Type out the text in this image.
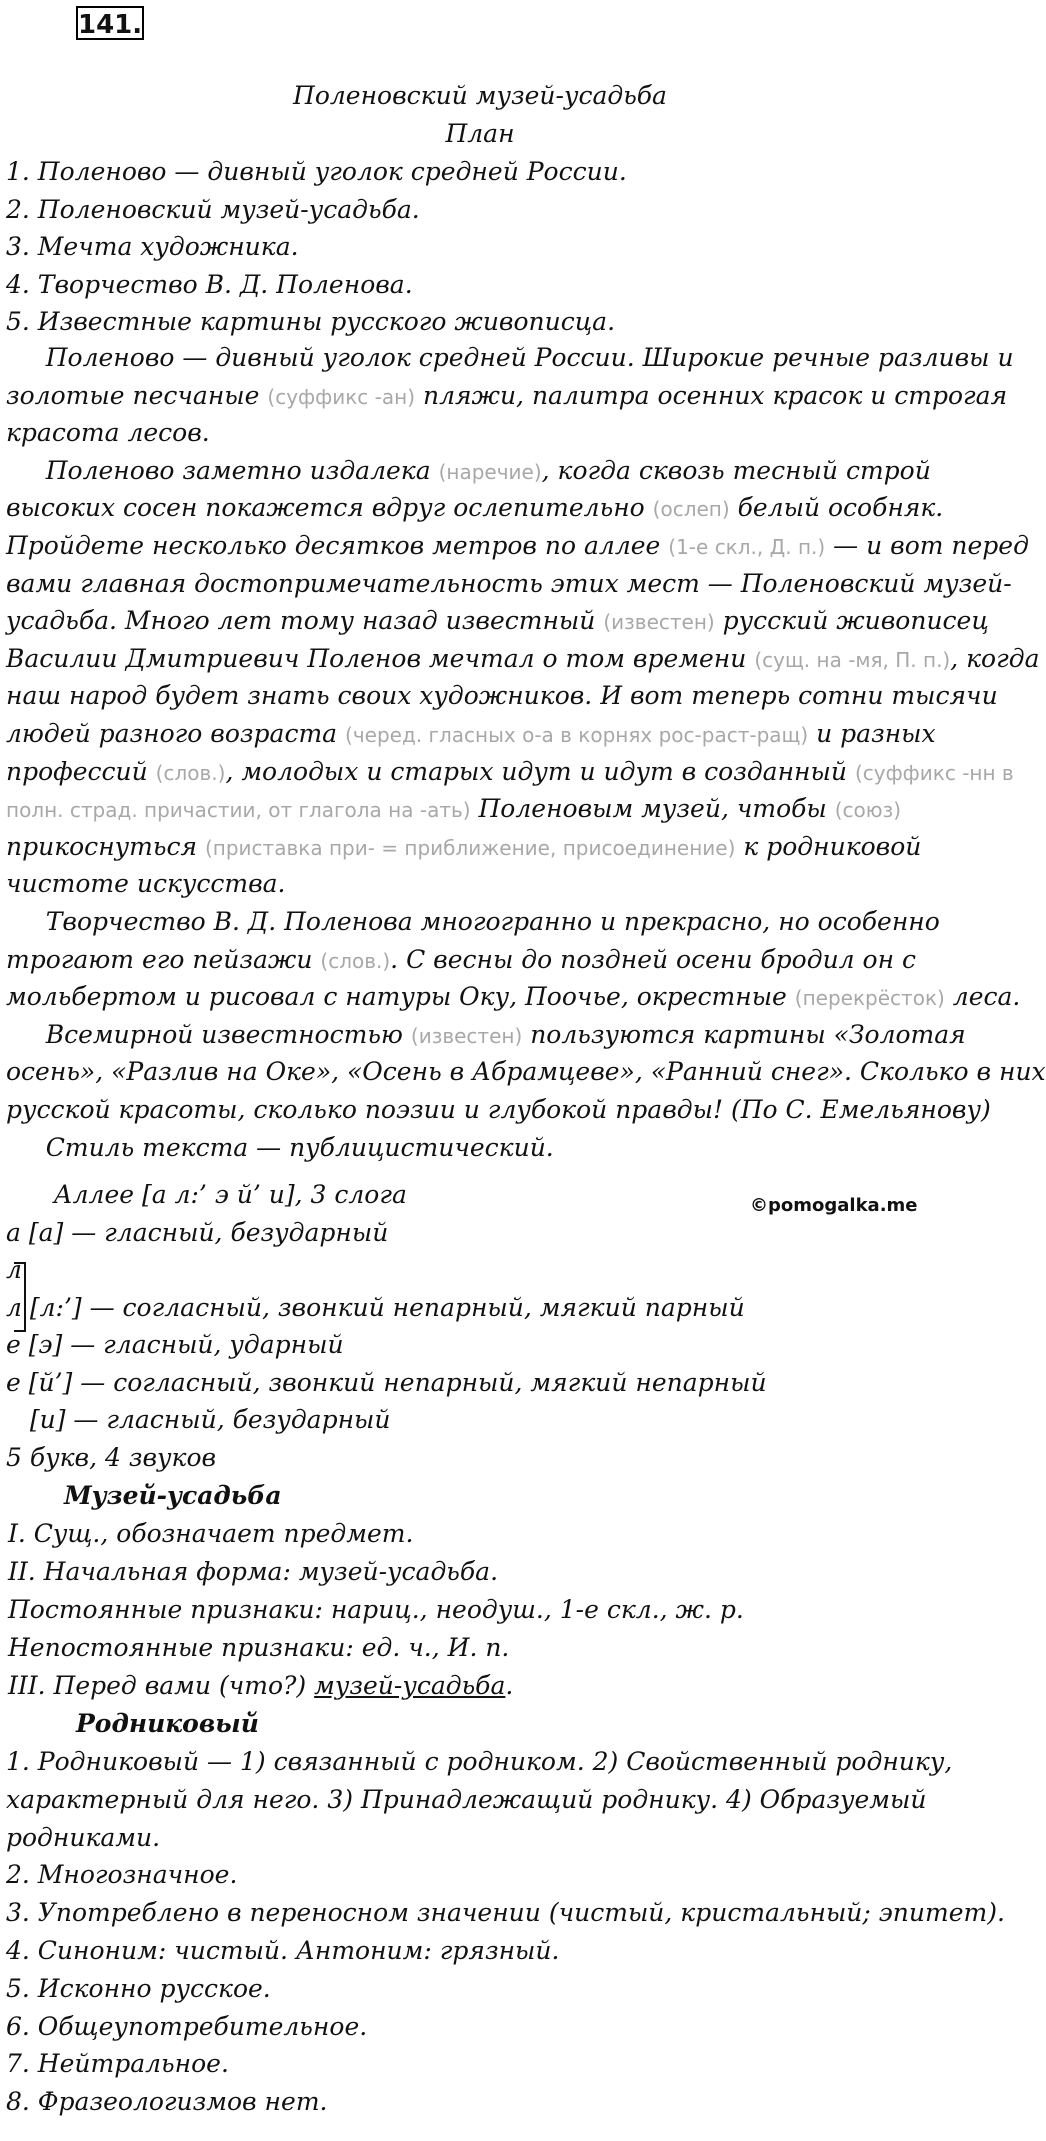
141.
Поленовский музей-усадьба
План
1. Поленово — дивный уголок средней России.
2. Поленовский музей-усадьба.
3. Мечта художника.
4. Творчество В. Д. Поленова.
5. Известные картины русского живописца.
Поленово — дивный уголок средней России. Широкие речные разливы и
золотые песчаные (суффикс -ан) пляжи, палитра осенних красок и строгая
красота лесов.
Поленово заметно издалека (наречие), когда сквозь тесный строй
высоких сосен покажется вдруг ослепительно (ослеп) белый особняк.
Пройдете несколько десятков метров по аллее (1-е скл., Д. п.) — и вот перед
вами главная достопримечательность этих мест — Поленовский музей-
усадьба. Много лет тому назад известный (известен) русский живописец
Василии Дмитриевич Поленов мечтал о том времени (сущ. на -мя, П. п.), когда
наш народ будет знать своих художников. И вот теперь сотни тысячи
людей разного возраста (черед. гласных о-а в корнях рос-раст-ращ) и разных
профессий (слов.), молодых и старых идут и идут в созданный (суффикс -нн в
полн. страд. причастии, от глагола на -ать) Поленовым музей, чтобы (союз)
прикоснуться (приставка при- = приближение, присоединение) к родниковой
чистоте искусства.
Творчество В. Д. Поленова многогранно и прекрасно, но особенно
трогают его пейзажи (слов.). С весны до поздней осени бродил он с
мольбертом и рисовал с натуры Оку, Поочье, окрестные (перекрёсток) леса.
Всемирной известностью (известен) пользуются картины «Золотая
осень», «Разлив на Оке», «Осень в Абрамцеве», «Ранний снег». Сколько в них
русской красоты, сколько поэзии и глубокой правды! (По С. Емельянову)
Стиль текста — публицистический.
©pomogalka.me
Аллее [а л:’ э й’ и], 3 слога
а [а] — гласный, безударный
л
л [л:’] — согласный, звонкий непарный, мягкий парный
е [э] — гласный, ударный
е [й’] — согласный, звонкий непарный, мягкий непарный
[и] — гласный, безударный
5 букв, 4 звуков
Музей-усадьба
I. Сущ., обозначает предмет.
II. Начальная форма: музей-усадьба.
Постоянные признаки: нариц., неодуш., 1-е скл., ж. р.
Непостоянные признаки: ед. ч., И. п.
III. Перед вами (что?) музей-усадьба.
Родниковый
1. Родниковый — 1) связанный с родником. 2) Свойственный роднику,
характерный для него. 3) Принадлежащий роднику. 4) Образуемый
родниками.
2. Многозначное.
3. Употреблено в переносном значении (чистый, кристальный; эпитет).
4. Синоним: чистый. Антоним: грязный.
5. Исконно русское.
6. Общеупотребительное.
7. Нейтральное.
8. Фразеологизмов нет.
